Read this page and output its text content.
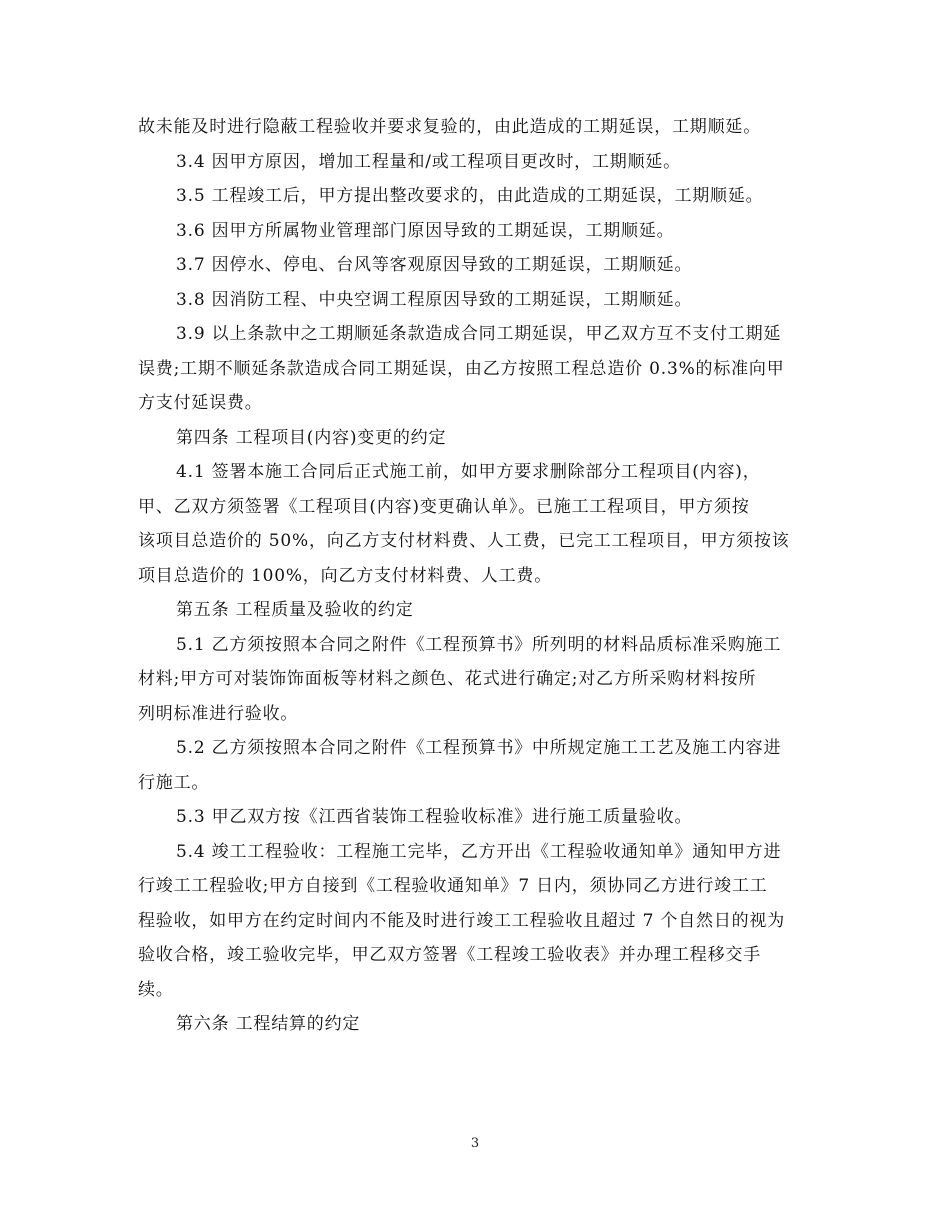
故未能及时进行隐蔽工程验收并要求复验的，由此造成的工期延误，工期顺延。
3.4 因甲方原因，增加工程量和/或工程项目更改时，工期顺延。
3.5 工程竣工后，甲方提出整改要求的，由此造成的工期延误，工期顺延。
3.6 因甲方所属物业管理部门原因导致的工期延误，工期顺延。
3.7 因停水、停电、台风等客观原因导致的工期延误，工期顺延。
3.8 因消防工程、中央空调工程原因导致的工期延误，工期顺延。
3.9 以上条款中之工期顺延条款造成合同工期延误，甲乙双方互不支付工期延
误费;工期不顺延条款造成合同工期延误，由乙方按照工程总造价 0.3%的标准向甲
方支付延误费。
第四条 工程项目(内容)变更的约定
4.1 签署本施工合同后正式施工前，如甲方要求删除部分工程项目(内容)，
甲、乙双方须签署《工程项目(内容)变更确认单》。已施工工程项目，甲方须按
该项目总造价的 50%，向乙方支付材料费、人工费，已完工工程项目，甲方须按该
项目总造价的 100%，向乙方支付材料费、人工费。
第五条 工程质量及验收的约定
5.1 乙方须按照本合同之附件《工程预算书》所列明的材料品质标准采购施工
材料;甲方可对装饰饰面板等材料之颜色、花式进行确定;对乙方所采购材料按所
列明标准进行验收。
5.2 乙方须按照本合同之附件《工程预算书》中所规定施工工艺及施工内容进
行施工。
5.3 甲乙双方按《江西省装饰工程验收标准》进行施工质量验收。
5.4 竣工工程验收：工程施工完毕，乙方开出《工程验收通知单》通知甲方进
行竣工工程验收;甲方自接到《工程验收通知单》7 日内，须协同乙方进行竣工工
程验收，如甲方在约定时间内不能及时进行竣工工程验收且超过 7 个自然日的视为
验收合格，竣工验收完毕，甲乙双方签署《工程竣工验收表》并办理工程移交手
续。
第六条 工程结算的约定
3
